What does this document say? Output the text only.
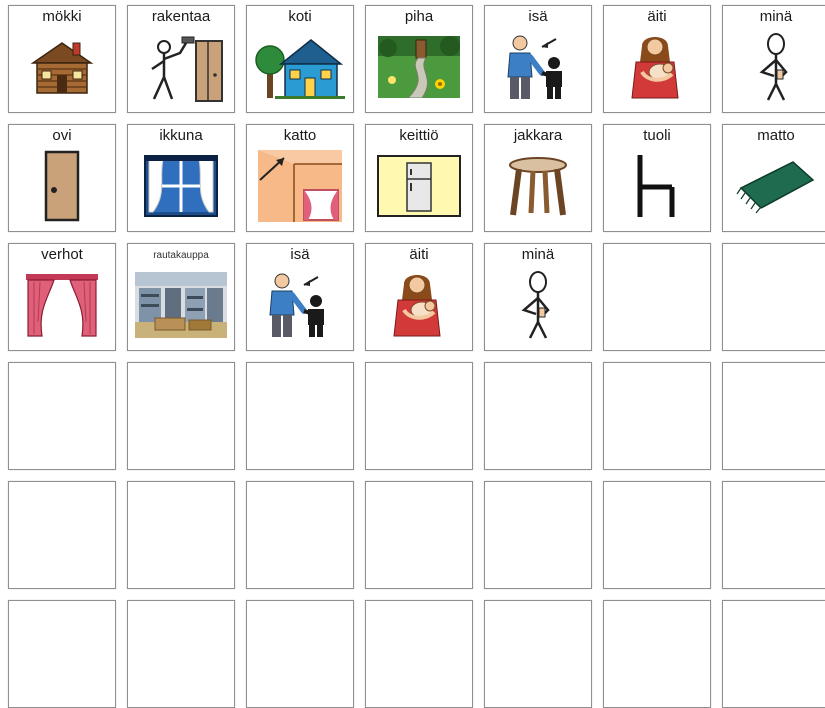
mökki	rakentaa	koti	piha	isä	äiti	minä
ovi	ikkuna	katto	keittiö	jakkara	tuoli	matto
verhot	rautakauppa	isä	äiti	minä
